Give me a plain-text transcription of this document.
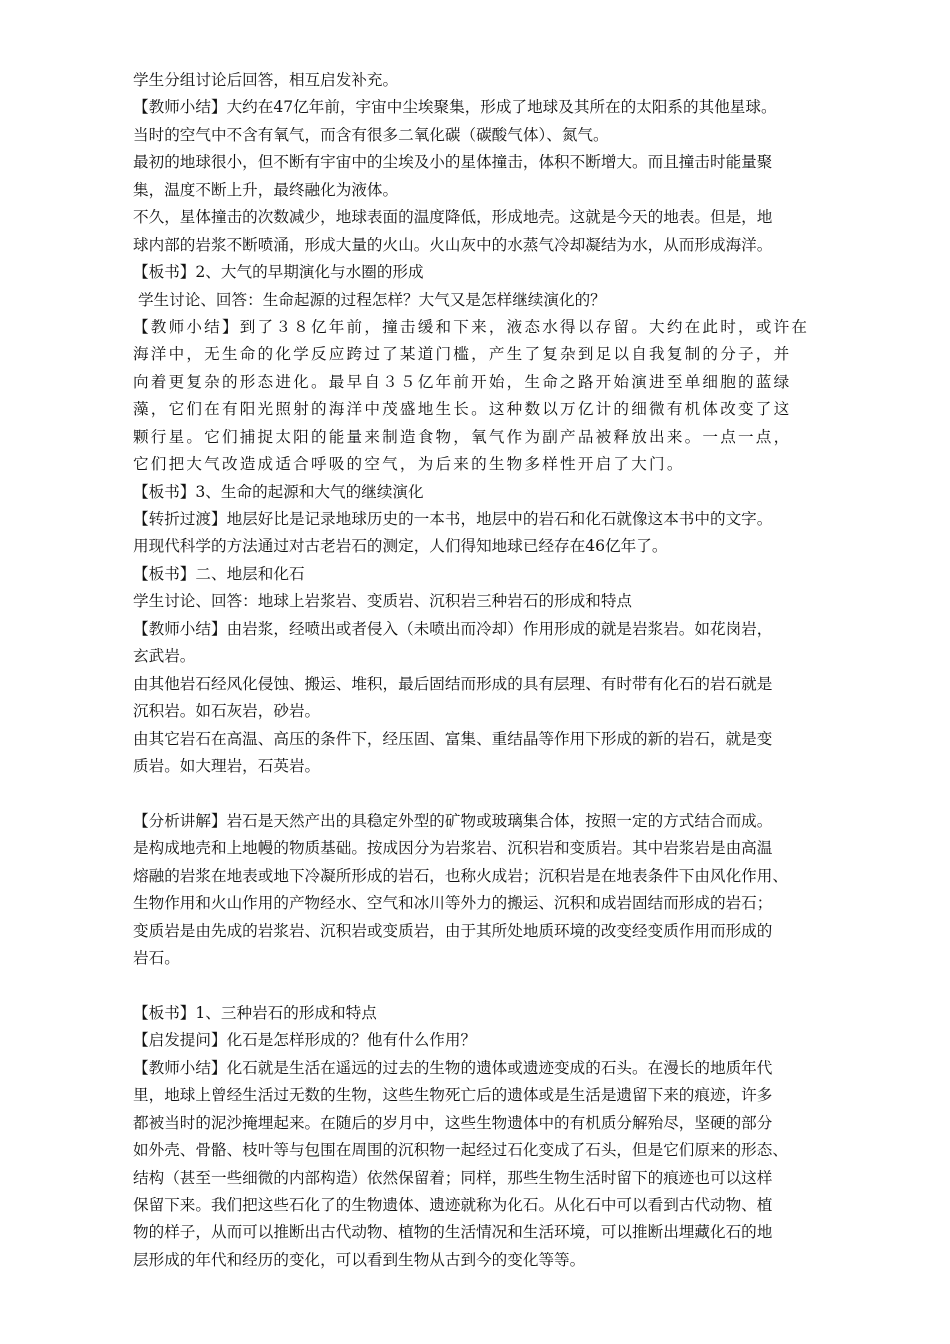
学生分组讨论后回答，相互启发补充。
【教师小结】大约在47亿年前，宇宙中尘埃聚集，形成了地球及其所在的太阳系的其他星球。
当时的空气中不含有氧气，而含有很多二氧化碳（碳酸气体）、氮气。
最初的地球很小，但不断有宇宙中的尘埃及小的星体撞击，体积不断增大。而且撞击时能量聚
集，温度不断上升，最终融化为液体。
不久，星体撞击的次数减少，地球表面的温度降低，形成地壳。这就是今天的地表。但是，地
球内部的岩浆不断喷涌，形成大量的火山。火山灰中的水蒸气冷却凝结为水，从而形成海洋。
【板书】2、大气的早期演化与水圈的形成
学生讨论、回答：生命起源的过程怎样？大气又是怎样继续演化的？
【教师小结】到了３８亿年前，撞击缓和下来，液态水得以存留。大约在此时，或许在
海洋中，无生命的化学反应跨过了某道门槛，产生了复杂到足以自我复制的分子，并
向着更复杂的形态进化。最早自３５亿年前开始，生命之路开始演进至单细胞的蓝绿
藻，它们在有阳光照射的海洋中茂盛地生长。这种数以万亿计的细微有机体改变了这
颗行星。它们捕捉太阳的能量来制造食物，氧气作为副产品被释放出来。一点一点，
它们把大气改造成适合呼吸的空气，为后来的生物多样性开启了大门。
【板书】3、生命的起源和大气的继续演化
【转折过渡】地层好比是记录地球历史的一本书，地层中的岩石和化石就像这本书中的文字。
用现代科学的方法通过对古老岩石的测定，人们得知地球已经存在46亿年了。
【板书】二、地层和化石
学生讨论、回答：地球上岩浆岩、变质岩、沉积岩三种岩石的形成和特点
【教师小结】由岩浆，经喷出或者侵入（未喷出而冷却）作用形成的就是岩浆岩。如花岗岩，
玄武岩。
由其他岩石经风化侵蚀、搬运、堆积，最后固结而形成的具有层理、有时带有化石的岩石就是
沉积岩。如石灰岩，砂岩。
由其它岩石在高温、高压的条件下，经压固、富集、重结晶等作用下形成的新的岩石，就是变
质岩。如大理岩，石英岩。
【分析讲解】岩石是天然产出的具稳定外型的矿物或玻璃集合体，按照一定的方式结合而成。
是构成地壳和上地幔的物质基础。按成因分为岩浆岩、沉积岩和变质岩。其中岩浆岩是由高温
熔融的岩浆在地表或地下冷凝所形成的岩石，也称火成岩；沉积岩是在地表条件下由风化作用、
生物作用和火山作用的产物经水、空气和冰川等外力的搬运、沉积和成岩固结而形成的岩石；
变质岩是由先成的岩浆岩、沉积岩或变质岩，由于其所处地质环境的改变经变质作用而形成的
岩石。
【板书】1、三种岩石的形成和特点
【启发提问】化石是怎样形成的？他有什么作用？
【教师小结】化石就是生活在遥远的过去的生物的遗体或遗迹变成的石头。在漫长的地质年代
里，地球上曾经生活过无数的生物，这些生物死亡后的遗体或是生活是遗留下来的痕迹，许多
都被当时的泥沙掩埋起来。在随后的岁月中，这些生物遗体中的有机质分解殆尽，坚硬的部分
如外壳、骨骼、枝叶等与包围在周围的沉积物一起经过石化变成了石头，但是它们原来的形态、
结构（甚至一些细微的内部构造）依然保留着；同样，那些生物生活时留下的痕迹也可以这样
保留下来。我们把这些石化了的生物遗体、遗迹就称为化石。从化石中可以看到古代动物、植
物的样子，从而可以推断出古代动物、植物的生活情况和生活环境，可以推断出埋藏化石的地
层形成的年代和经历的变化，可以看到生物从古到今的变化等等。
